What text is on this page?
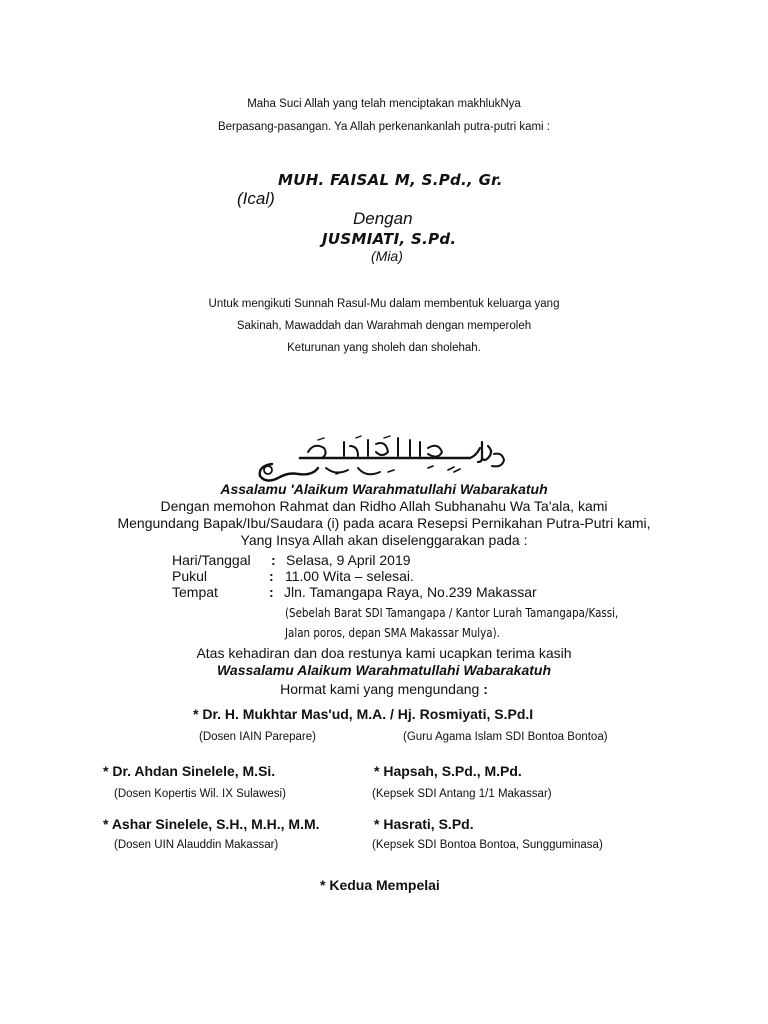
Maha Suci Allah yang telah menciptakan makhlukNya
Berpasang-pasangan. Ya Allah perkenankanlah putra-putri kami :
MUH. FAISAL M, S.Pd., Gr.
(Ical)
Dengan
JUSMIATI, S.Pd.
(Mia)
Untuk mengikuti Sunnah Rasul-Mu dalam membentuk keluarga yang
Sakinah, Mawaddah dan Warahmah dengan memperoleh
Keturunan yang sholeh dan sholehah.
Assalamu 'Alaikum Warahmatullahi Wabarakatuh
Dengan memohon Rahmat dan Ridho Allah Subhanahu Wa Ta'ala, kami
Mengundang Bapak/Ibu/Saudara (i) pada acara Resepsi Pernikahan Putra-Putri kami,
Yang Insya Allah akan diselenggarakan pada :
Hari/Tanggal : Selasa, 9 April 2019
Pukul	: 11.00 Wita – selesai.
Tempat	: Jln. Tamangapa Raya, No.239 Makassar
(Sebelah Barat SDI Tamangapa / Kantor Lurah Tamangapa/Kassi,
Jalan poros, depan SMA Makassar Mulya).
Atas kehadiran dan doa restunya kami ucapkan terima kasih
Wassalamu Alaikum Warahmatullahi Wabarakatuh
Hormat kami yang mengundang :
* Dr. H. Mukhtar Mas'ud, M.A. / Hj. Rosmiyati, S.Pd.I
(Dosen IAIN Parepare)	(Guru Agama Islam SDI Bontoa Bontoa)
* Dr. Ahdan Sinelele, M.Si.
(Dosen Kopertis Wil. IX Sulawesi)
* Hapsah, S.Pd., M.Pd.
(Kepsek SDI Antang 1/1 Makassar)
* Ashar Sinelele, S.H., M.H., M.M.
(Dosen UIN Alauddin Makassar)
* Hasrati, S.Pd.
(Kepsek SDI Bontoa Bontoa, Sungguminasa)
* Kedua Mempelai
